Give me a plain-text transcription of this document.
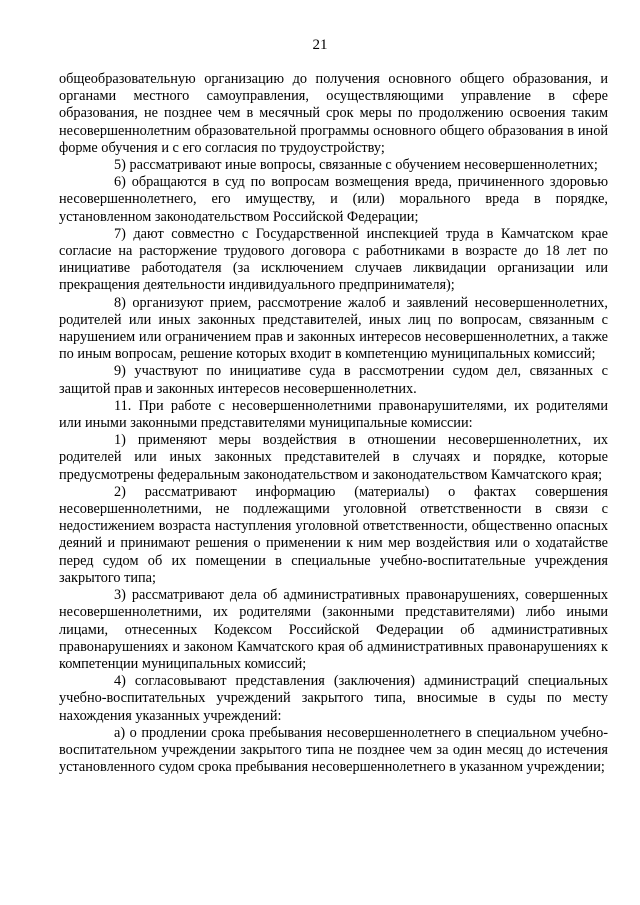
21

общеобразовательную организацию до получения основного общего образования, и органами местного самоуправления, осуществляющими управление в сфере образования, не позднее чем в месячный срок меры по продолжению освоения таким несовершеннолетним образовательной программы основного общего образования в иной форме обучения и с его согласия по трудоустройству;

5) рассматривают иные вопросы, связанные с обучением несовершеннолетних;

6) обращаются в суд по вопросам возмещения вреда, причиненного здоровью несовершеннолетнего, его имуществу, и (или) морального вреда в порядке, установленном законодательством Российской Федерации;

7) дают совместно с Государственной инспекцией труда в Камчатском крае согласие на расторжение трудового договора с работниками в возрасте до 18 лет по инициативе работодателя (за исключением случаев ликвидации организации или прекращения деятельности индивидуального предпринимателя);

8) организуют прием, рассмотрение жалоб и заявлений несовершеннолетних, родителей или иных законных представителей, иных лиц по вопросам, связанным с нарушением или ограничением прав и законных интересов несовершеннолетних, а также по иным вопросам, решение которых входит в компетенцию муниципальных комиссий;

9) участвуют по инициативе суда в рассмотрении судом дел, связанных с защитой прав и законных интересов несовершеннолетних.

11. При работе с несовершеннолетними правонарушителями, их родителями или иными законными представителями муниципальные комиссии:

1) применяют меры воздействия в отношении несовершеннолетних, их родителей или иных законных представителей в случаях и порядке, которые предусмотрены федеральным законодательством и законодательством Камчатского края;

2) рассматривают информацию (материалы) о фактах совершения несовершеннолетними, не подлежащими уголовной ответственности в связи с недостижением возраста наступления уголовной ответственности, общественно опасных деяний и принимают решения о применении к ним мер воздействия или о ходатайстве перед судом об их помещении в специальные учебно-воспитательные учреждения закрытого типа;

3) рассматривают дела об административных правонарушениях, совершенных несовершеннолетними, их родителями (законными представителями) либо иными лицами, отнесенных Кодексом Российской Федерации об административных правонарушениях и законом Камчатского края об административных правонарушениях к компетенции муниципальных комиссий;

4) согласовывают представления (заключения) администраций специальных учебно-воспитательных учреждений закрытого типа, вносимые в суды по месту нахождения указанных учреждений:

а) о продлении срока пребывания несовершеннолетнего в специальном учебно-воспитательном учреждении закрытого типа не позднее чем за один месяц до истечения установленного судом срока пребывания несовершеннолетнего в указанном учреждении;
